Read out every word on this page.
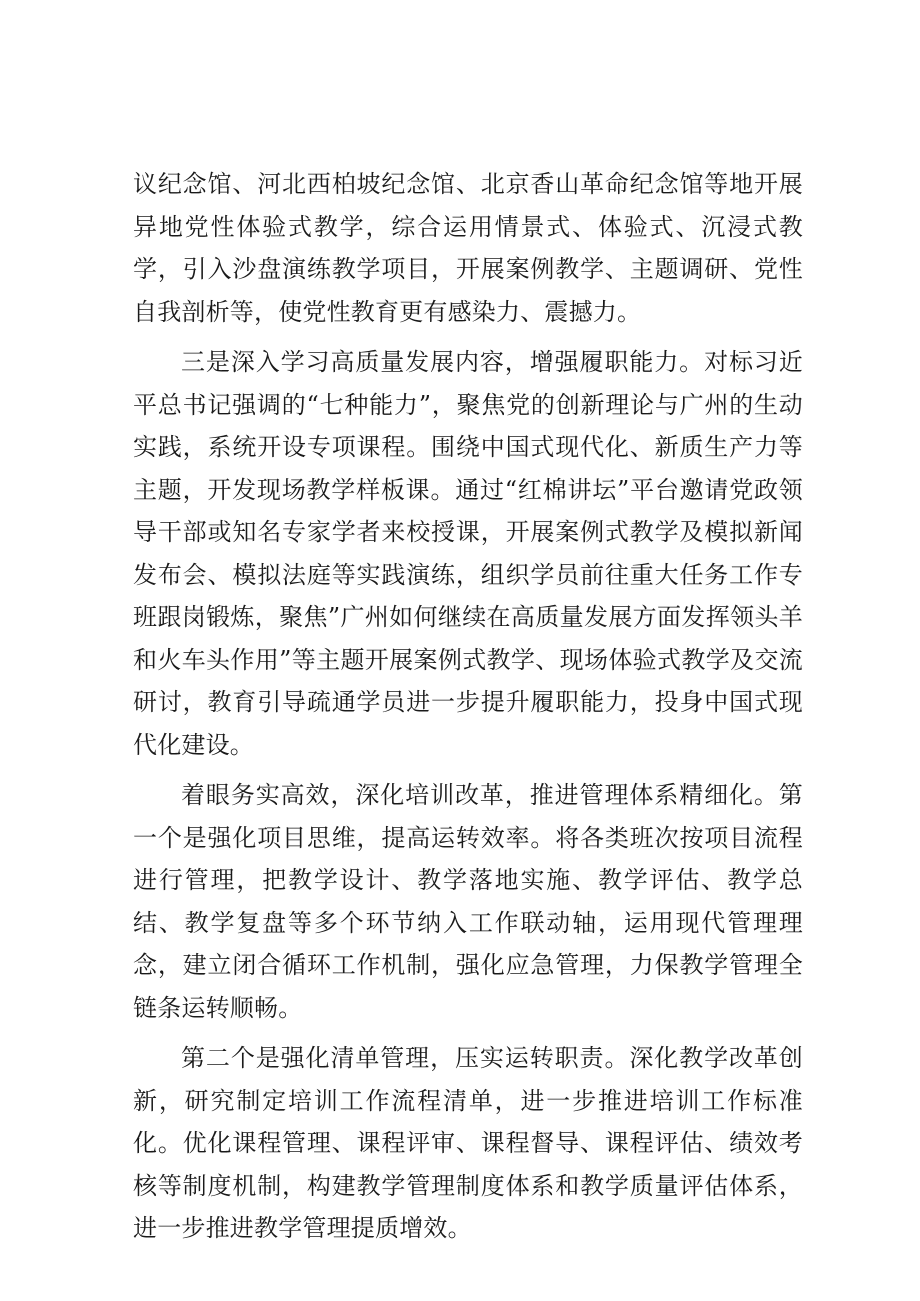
议纪念馆、河北西柏坡纪念馆、北京香山革命纪念馆等地开展异地党性体验式教学，综合运用情景式、体验式、沉浸式教学，引入沙盘演练教学项目，开展案例教学、主题调研、党性自我剖析等，使党性教育更有感染力、震撼力。

三是深入学习高质量发展内容，增强履职能力。对标习近平总书记强调的“七种能力”，聚焦党的创新理论与广州的生动实践，系统开设专项课程。围绕中国式现代化、新质生产力等主题，开发现场教学样板课。通过“红棉讲坛”平台邀请党政领导干部或知名专家学者来校授课，开展案例式教学及模拟新闻发布会、模拟法庭等实践演练，组织学员前往重大任务工作专班跟岗锻炼，聚焦”广州如何继续在高质量发展方面发挥领头羊和火车头作用”等主题开展案例式教学、现场体验式教学及交流研讨，教育引导疏通学员进一步提升履职能力，投身中国式现代化建设。

着眼务实高效，深化培训改革，推进管理体系精细化。第一个是强化项目思维，提高运转效率。将各类班次按项目流程进行管理，把教学设计、教学落地实施、教学评估、教学总结、教学复盘等多个环节纳入工作联动轴，运用现代管理理念，建立闭合循环工作机制，强化应急管理，力保教学管理全链条运转顺畅。

第二个是强化清单管理，压实运转职责。深化教学改革创新，研究制定培训工作流程清单，进一步推进培训工作标准化。优化课程管理、课程评审、课程督导、课程评估、绩效考核等制度机制，构建教学管理制度体系和教学质量评估体系，进一步推进教学管理提质增效。
